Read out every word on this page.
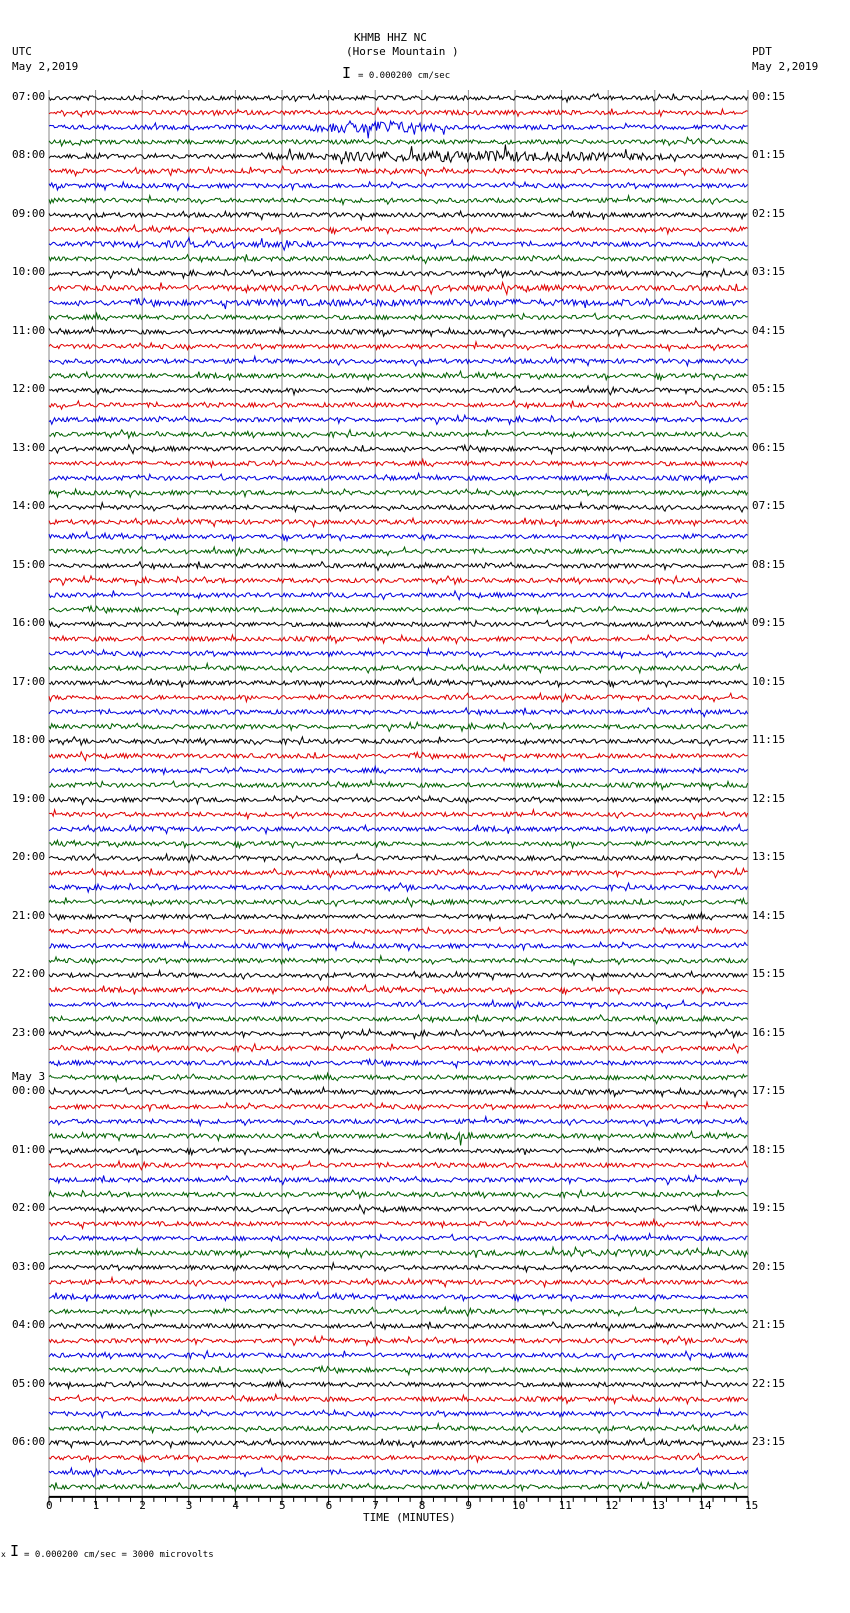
KHMB HHZ NC
(Horse Mountain )
UTC
May 2,2019
PDT
May 2,2019
I = 0.000200 cm/sec
TIME (MINUTES)
x I = 0.000200 cm/sec = 3000 microvolts
0	1	2	3	4	5	6	7	8	9	10	11	12	13	14	15
07:00
08:00
09:00
10:00
11:00
12:00
13:00
14:00
15:00
16:00
17:00
18:00
19:00
20:00
21:00
22:00
23:00
00:00
May 3
01:00
02:00
03:00
04:00
05:00
06:00
00:15
01:15
02:15
03:15
04:15
05:15
06:15
07:15
08:15
09:15
10:15
11:15
12:15
13:15
14:15
15:15
16:15
17:15
18:15
19:15
20:15
21:15
22:15
23:15
